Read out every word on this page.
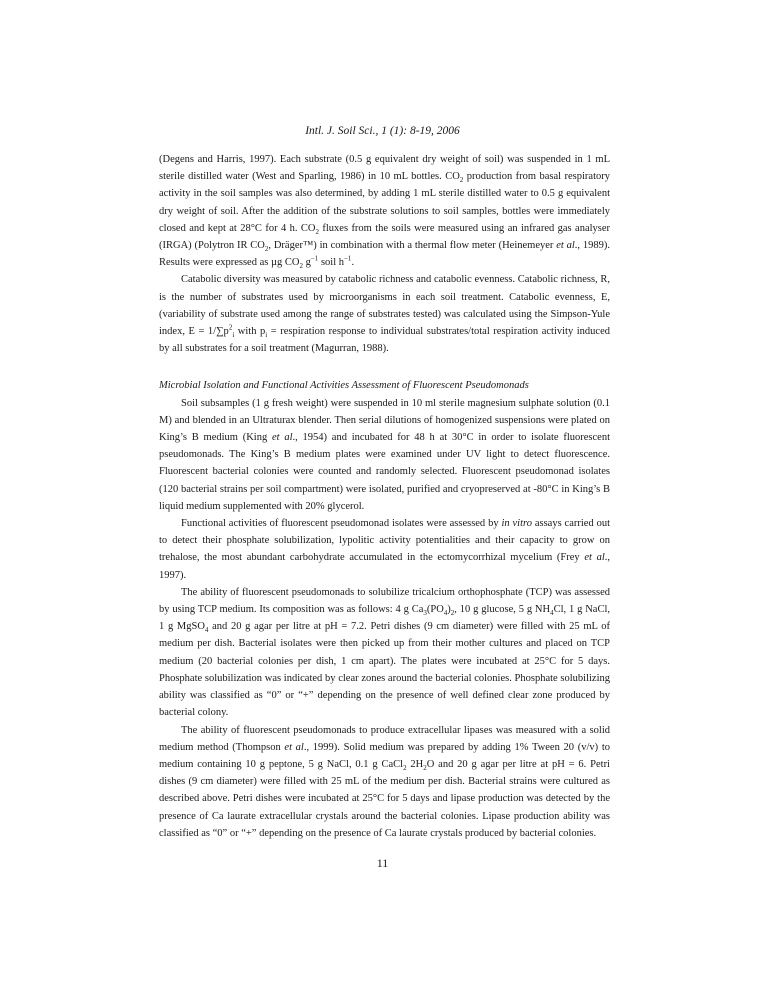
Intl. J. Soil Sci., 1 (1): 8-19, 2006

(Degens and Harris, 1997). Each substrate (0.5 g equivalent dry weight of soil) was suspended in 1 mL sterile distilled water (West and Sparling, 1986) in 10 mL bottles. $CO_2$ production from basal respiratory activity in the soil samples was also determined, by adding 1 mL sterile distilled water to 0.5 g equivalent dry weight of soil. After the addition of the substrate solutions to soil samples, bottles were immediately closed and kept at 28°C for 4 h. $CO_2$ fluxes from the soils were measured using an infrared gas analyser (IRGA) (Polytron IR $CO_2$, Dräger™) in combination with a thermal flow meter (Heinemeyer et al., 1989). Results were expressed as µg $CO_2$ $g^{-1}$ soil $h^{-1}$.

Catabolic diversity was measured by catabolic richness and catabolic evenness. Catabolic richness, R, is the number of substrates used by microorganisms in each soil treatment. Catabolic evenness, E, (variability of substrate used among the range of substrates tested) was calculated using the Simpson-Yule index, $E = 1/\sum p^2_i$ with $p_i$ = respiration response to individual substrates/total respiration activity induced by all substrates for a soil treatment (Magurran, 1988).

Microbial Isolation and Functional Activities Assessment of Fluorescent Pseudomonads

Soil subsamples (1 g fresh weight) were suspended in 10 ml sterile magnesium sulphate solution (0.1 M) and blended in an Ultraturax blender. Then serial dilutions of homogenized suspensions were plated on King’s B medium (King et al., 1954) and incubated for 48 h at 30°C in order to isolate fluorescent pseudomonads. The King’s B medium plates were examined under UV light to detect fluorescence. Fluorescent bacterial colonies were counted and randomly selected. Fluorescent pseudomonad isolates (120 bacterial strains per soil compartment) were isolated, purified and cryopreserved at -80°C in King’s B liquid medium supplemented with 20% glycerol.

Functional activities of fluorescent pseudomonad isolates were assessed by in vitro assays carried out to detect their phosphate solubilization, lypolitic activity potentialities and their capacity to grow on trehalose, the most abundant carbohydrate accumulated in the ectomycorrhizal mycelium (Frey et al., 1997).

The ability of fluorescent pseudomonads to solubilize tricalcium orthophosphate (TCP) was assessed by using TCP medium. Its composition was as follows: 4 g $Ca_3(PO_4)_2$, 10 g glucose, 5 g $NH_4Cl$, 1 g NaCl, 1 g MgSO$_4$ and 20 g agar per litre at pH = 7.2. Petri dishes (9 cm diameter) were filled with 25 mL of medium per dish. Bacterial isolates were then picked up from their mother cultures and placed on TCP medium (20 bacterial colonies per dish, 1 cm apart). The plates were incubated at 25°C for 5 days. Phosphate solubilization was indicated by clear zones around the bacterial colonies. Phosphate solubilizing ability was classified as “0” or “+” depending on the presence of well defined clear zone produced by bacterial colony.

The ability of fluorescent pseudomonads to produce extracellular lipases was measured with a solid medium method (Thompson et al., 1999). Solid medium was prepared by adding 1% Tween 20 (v/v) to medium containing 10 g peptone, 5 g NaCl, 0.1 g CaCl$_2$ $2H_2O$ and 20 g agar per litre at pH = 6. Petri dishes (9 cm diameter) were filled with 25 mL of the medium per dish. Bacterial strains were cultured as described above. Petri dishes were incubated at 25°C for 5 days and lipase production was detected by the presence of Ca laurate extracellular crystals around the bacterial colonies. Lipase production ability was classified as “0” or “+” depending on the presence of Ca laurate crystals produced by bacterial colonies.

11
